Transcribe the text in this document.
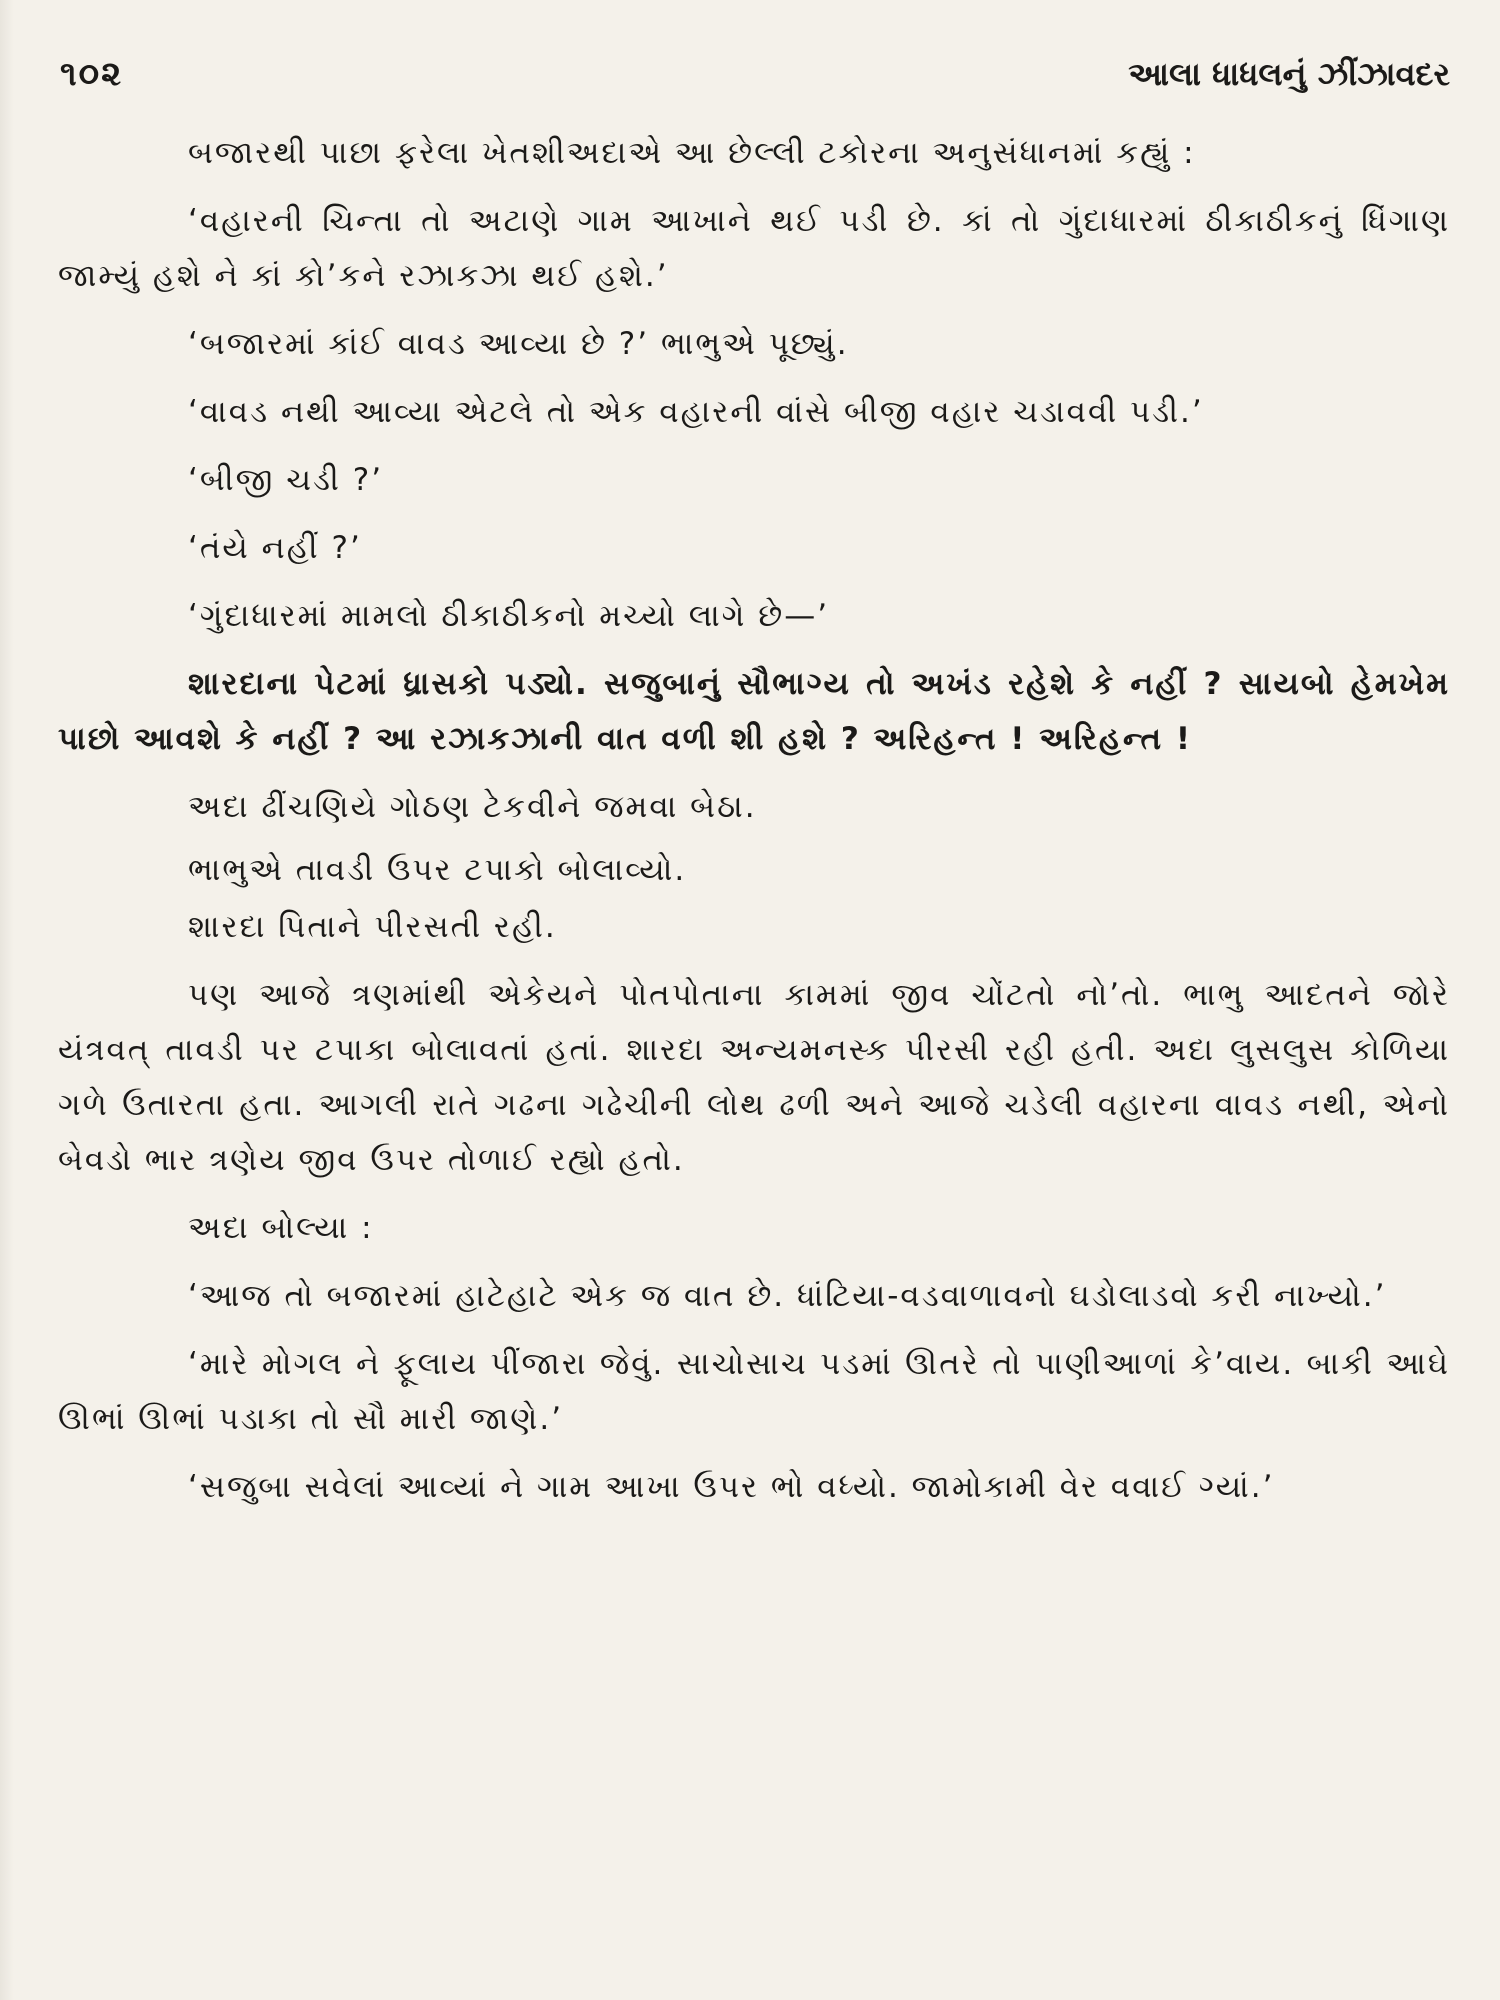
૧૦૨	આલા ધાધલનું ઝીંઝાવદર

બજારથી પાછા ફરેલા ખેતશીઅદાએ આ છેલ્લી ટકોરના અનુસંધાનમાં કહ્યું :

‘વહારની ચિન્તા તો અટાણે ગામ આખાને થઈ પડી છે. કાં તો ગુંદાધારમાં ઠીકાઠીકનું ધિંગાણ જામ્યું હશે ને કાં કો’કને રઝાકઝા થઈ હશે.’

‘બજારમાં કાંઈ વાવડ આવ્યા છે ?’ ભાભુએ પૂછ્યું.

‘વાવડ નથી આવ્યા એટલે તો એક વહારની વાંસે બીજી વહાર ચડાવવી પડી.’

‘બીજી ચડી ?’

‘તંયે નહીં ?’

‘ગુંદાધારમાં મામલો ઠીકાઠીકનો મચ્યો લાગે છે—’

શારદાના પેટમાં ધ્રાસકો પડ્યો. સજુબાનું સૌભાગ્ય તો અખંડ રહેશે કે નહીં ? સાયબો હેમખેમ પાછો આવશે કે નહીં ? આ રઝાકઝાની વાત વળી શી હશે ? અરિહન્ત ! અરિહન્ત !

અદા ઢીંચણિયે ગોઠણ ટેકવીને જમવા બેઠા.

ભાભુએ તાવડી ઉપર ટપાકો બોલાવ્યો.

શારદા પિતાને પીરસતી રહી.

પણ આજે ત્રણમાંથી એકેયને પોતપોતાના કામમાં જીવ ચોંટતો નો’તો. ભાભુ આદતને જોરે યંત્રવત્ તાવડી પર ટપાકા બોલાવતાં હતાં. શારદા અન્યમનસ્ક પીરસી રહી હતી. અદા લુસલુસ કોળિયા ગળે ઉતારતા હતા. આગલી રાતે ગઢના ગઢેચીની લોથ ઢળી અને આજે ચડેલી વહારના વાવડ નથી, એનો બેવડો ભાર ત્રણેય જીવ ઉપર તોળાઈ રહ્યો હતો.

અદા બોલ્યા :

‘આજ તો બજારમાં હાટેહાટે એક જ વાત છે. ધાંટિયા-વડવાળાવનો ઘડોલાડવો કરી નાખ્યો.’

‘મારે મોગલ ને ફૂલાય પીંજારા જેવું. સાચોસાચ પડમાં ઊતરે તો પાણીઆળાં કે’વાય. બાકી આઘે ઊભાં ઊભાં પડાકા તો સૌ મારી જાણે.’

‘સજુબા સવેલાં આવ્યાં ને ગામ આખા ઉપર ભો વધ્યો. જામોકામી વેર વવાઈ ગ્યાં.’
